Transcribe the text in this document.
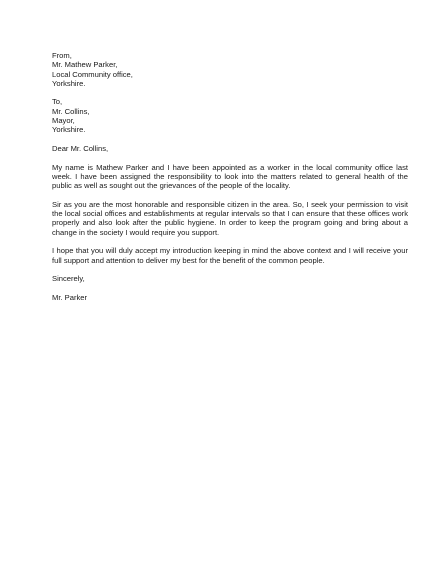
From,
Mr. Mathew Parker,
Local Community office,
Yorkshire.
To,
Mr. Collins,
Mayor,
Yorkshire.
Dear Mr. Collins,

My name is Mathew Parker and I have been appointed as a worker in the local community office last week. I have been assigned the responsibility to look into the matters related to general health of the public as well as sought out the grievances of the people of the locality.

Sir as you are the most honorable and responsible citizen in the area. So, I seek your permission to visit the local social offices and establishments at regular intervals so that I can ensure that these offices work properly and also look after the public hygiene. In order to keep the program going and bring about a change in the society I would require you support.

I hope that you will duly accept my introduction keeping in mind the above context and I will receive your full support and attention to deliver my best for the benefit of the common people.

Sincerely,
Mr. Parker
